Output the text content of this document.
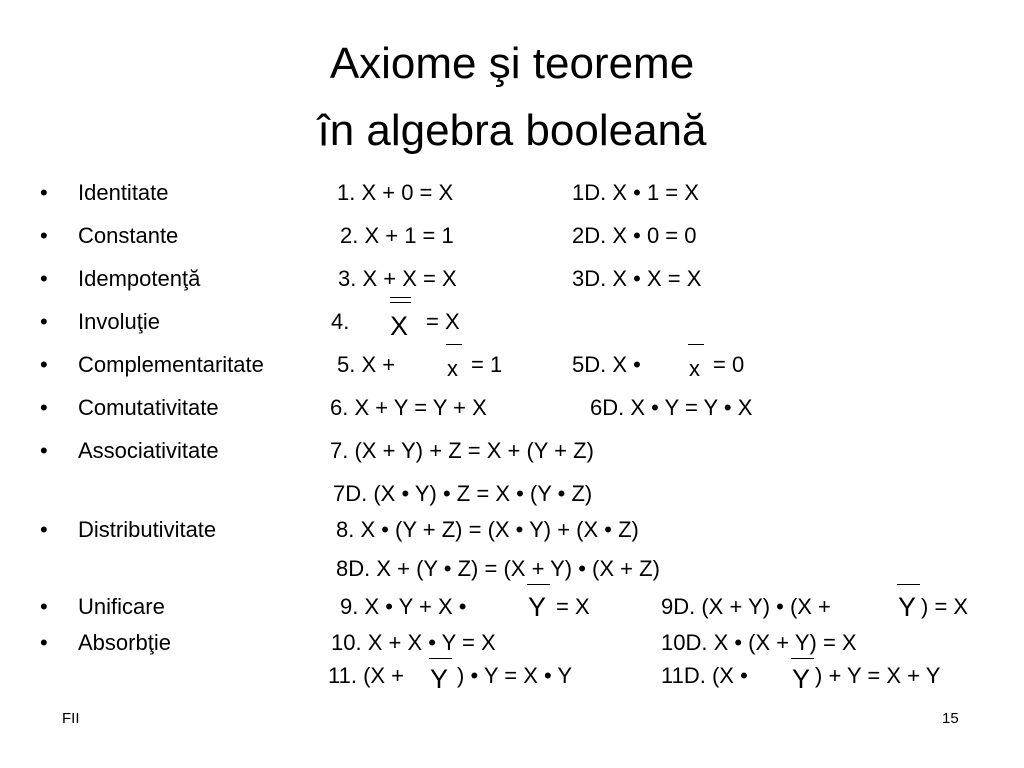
Axiome şi teoreme
în algebra booleană
• Identitate	1. X + 0 = X	1D. X • 1 = X
• Constante	2. X + 1 = 1	2D. X • 0 = 0
• Idempotenţă	3. X + X = X	3D. X • X = X
• Involuţie	4. X = X
• Complementaritate	5. X + x = 1	5D. X • x = 0
• Comutativitate	6. X + Y = Y + X	6D. X • Y = Y • X
• Associativitate	7. (X + Y) + Z = X + (Y + Z)
7D. (X • Y) • Z = X • (Y • Z)
• Distributivitate	8. X • (Y + Z) = (X • Y) + (X • Z)
8D. X + (Y • Z) = (X + Y) • (X + Z)
• Unificare	9. X • Y + X • Y = X	9D. (X + Y) • (X + Y ) = X
• Absorbţie	10. X + X • Y = X	10D. X • (X + Y) = X
11. (X + Y ) • Y = X • Y	11D. (X • Y ) + Y = X + Y
FII	15
